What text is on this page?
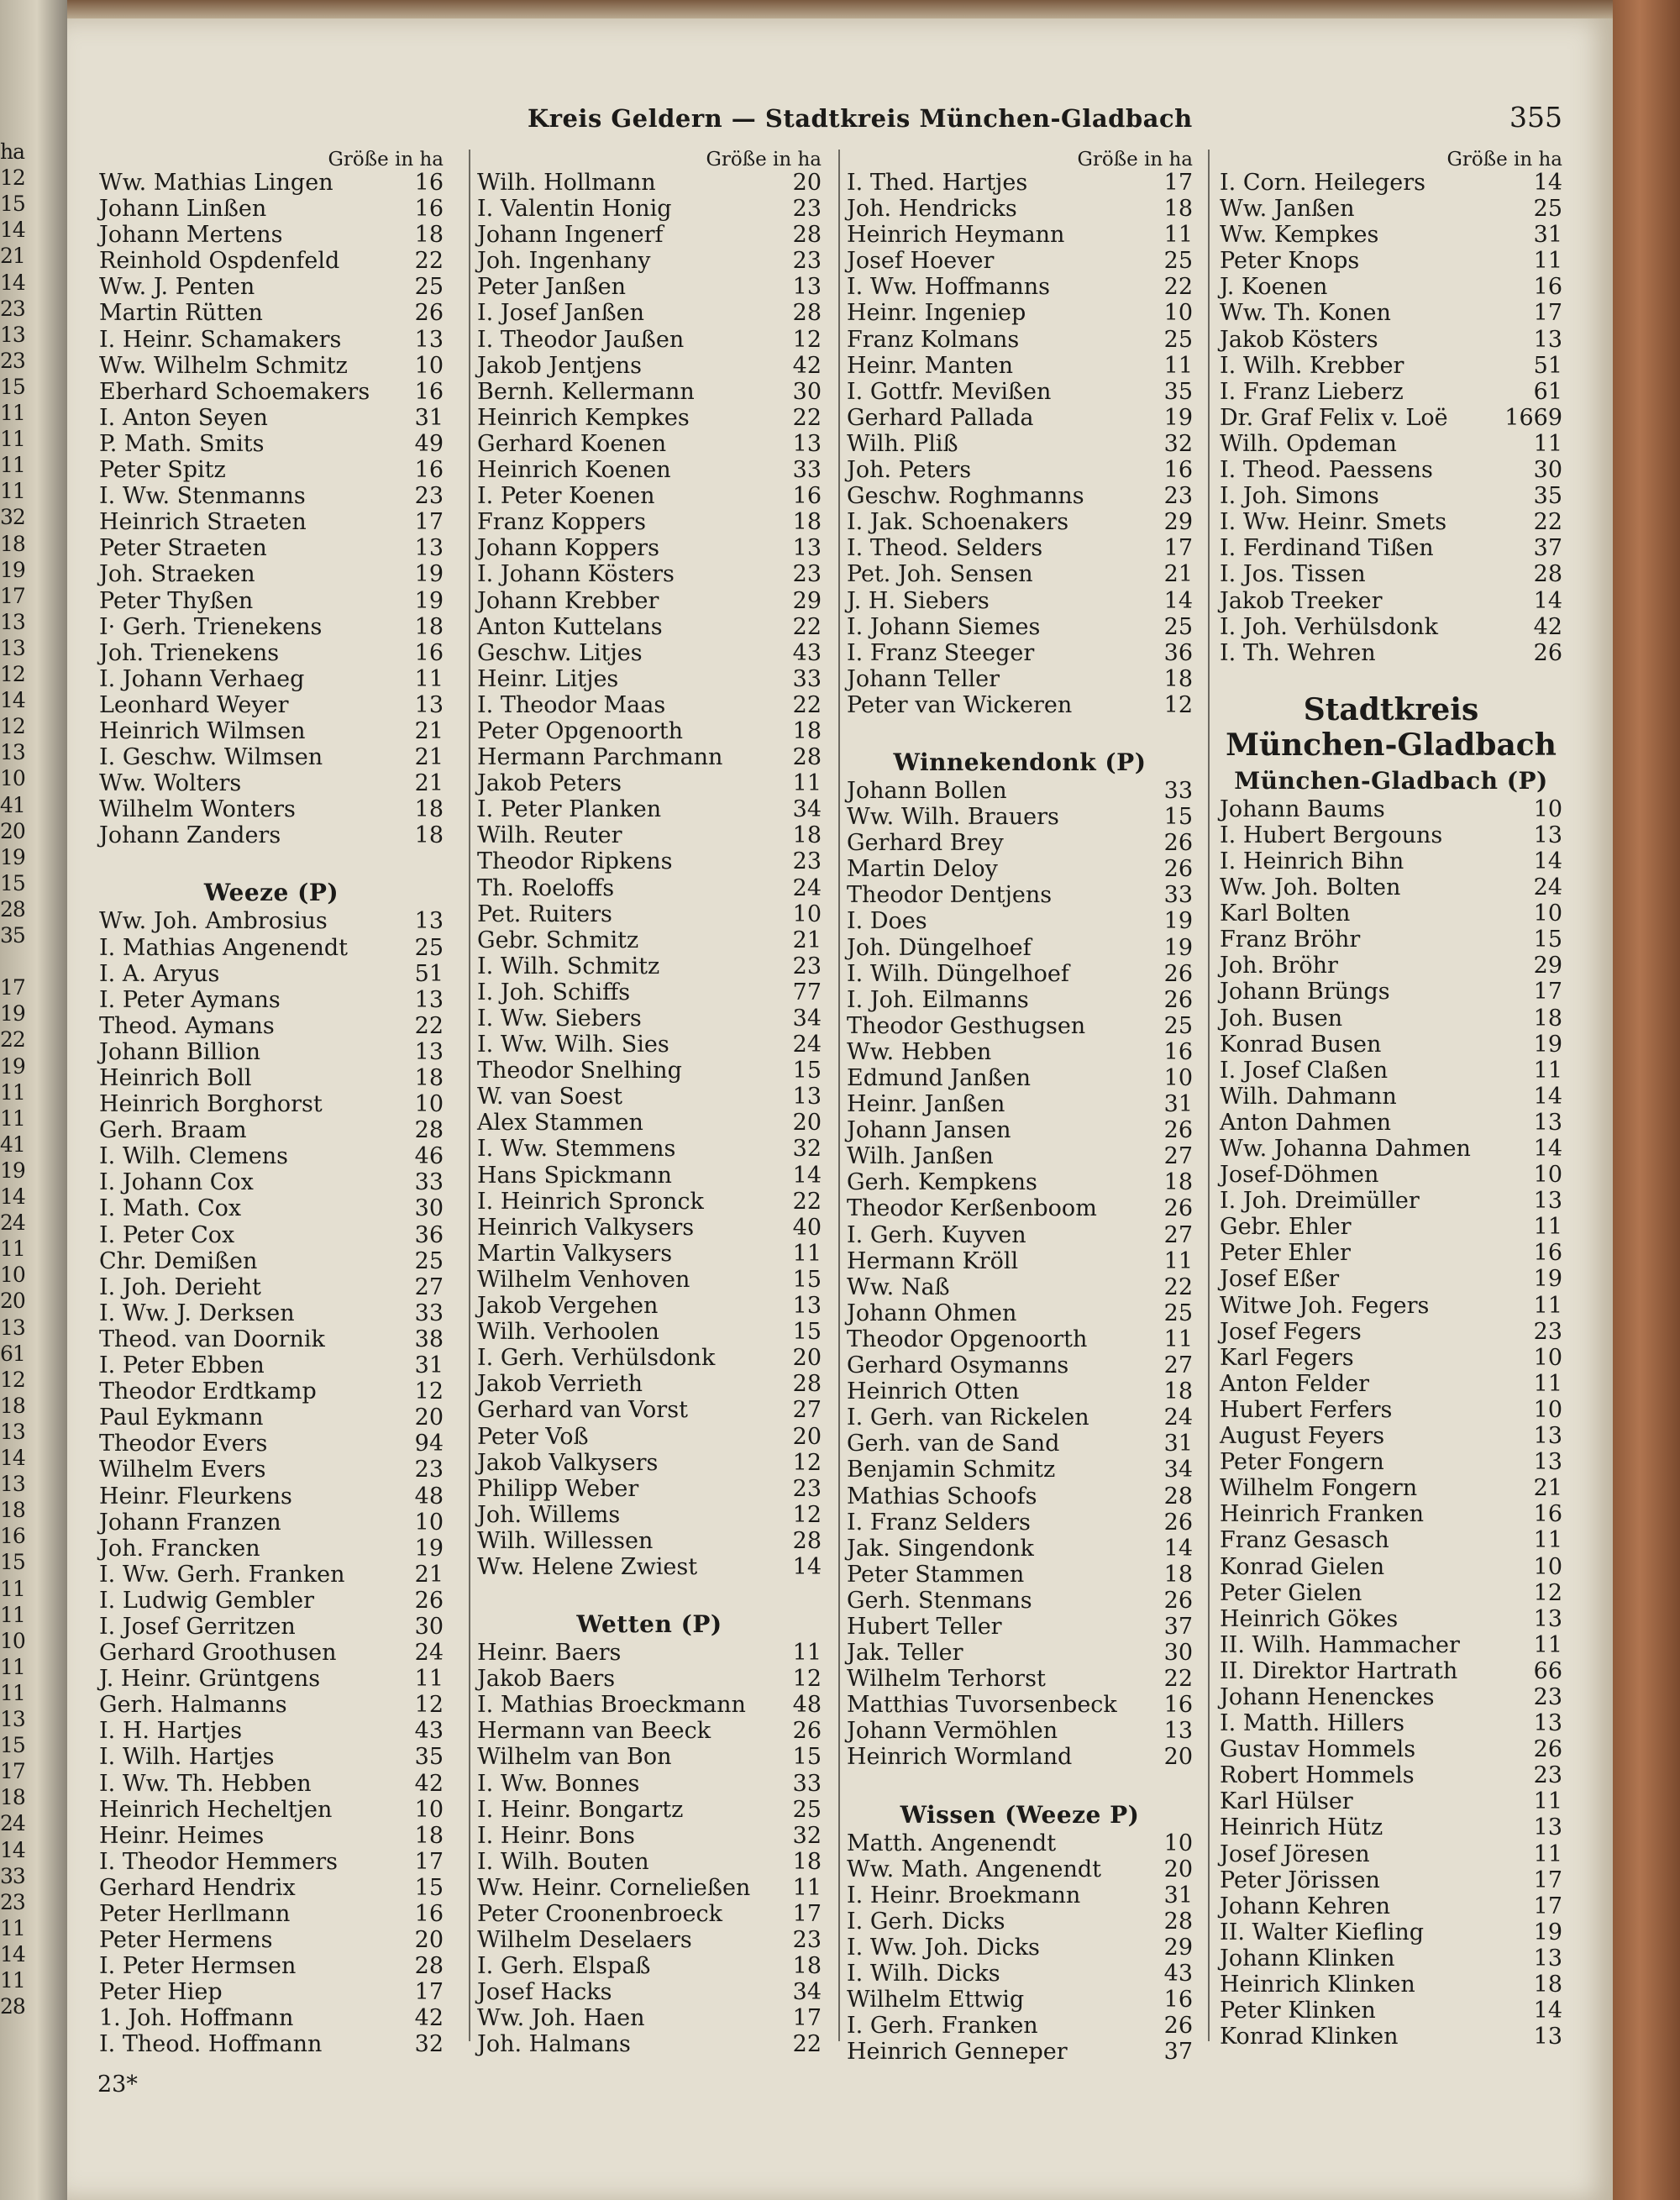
ha
12
15
14
21
14
23
13
23
15
11
11
11
11
32
18
19
17
13
13
12
14
12
13
10
41
20
19
15
28
35
17
19
22
19
11
11
41
19
14
24
11
10
20
13
61
12
18
13
14
13
18
16
15
11
11
10
11
11
13
15
17
18
24
14
33
23
11
14
11
28
Kreis Geldern — Stadtkreis München-Gladbach	355
Größe in ha
Ww. Mathias Lingen	16
Johann Linßen	16
Johann Mertens	18
Reinhold Ospdenfeld	22
Ww. J. Penten	25
Martin Rütten	26
I. Heinr. Schamakers	13
Ww. Wilhelm Schmitz	10
Eberhard Schoemakers	16
I. Anton Seyen	31
P. Math. Smits	49
Peter Spitz	16
I. Ww. Stenmanns	23
Heinrich Straeten	17
Peter Straeten	13
Joh. Straeken	19
Peter Thyßen	19
I· Gerh. Trienekens	18
Joh. Trienekens	16
I. Johann Verhaeg	11
Leonhard Weyer	13
Heinrich Wilmsen	21
I. Geschw. Wilmsen	21
Ww. Wolters	21
Wilhelm Wonters	18
Johann Zanders	18
Weeze (P)
Ww. Joh. Ambrosius	13
I. Mathias Angenendt	25
I. A. Aryus	51
I. Peter Aymans	13
Theod. Aymans	22
Johann Billion	13
Heinrich Boll	18
Heinrich Borghorst	10
Gerh. Braam	28
I. Wilh. Clemens	46
I. Johann Cox	33
I. Math. Cox	30
I. Peter Cox	36
Chr. Demißen	25
I. Joh. Derieht	27
I. Ww. J. Derksen	33
Theod. van Doornik	38
I. Peter Ebben	31
Theodor Erdtkamp	12
Paul Eykmann	20
Theodor Evers	94
Wilhelm Evers	23
Heinr. Fleurkens	48
Johann Franzen	10
Joh. Francken	19
I. Ww. Gerh. Franken	21
I. Ludwig Gembler	26
I. Josef Gerritzen	30
Gerhard Groothusen	24
J. Heinr. Grüntgens	11
Gerh. Halmanns	12
I. H. Hartjes	43
I. Wilh. Hartjes	35
I. Ww. Th. Hebben	42
Heinrich Hecheltjen	10
Heinr. Heimes	18
I. Theodor Hemmers	17
Gerhard Hendrix	15
Peter Herllmann	16
Peter Hermens	20
I. Peter Hermsen	28
Peter Hiep	17
1. Joh. Hoffmann	42
I. Theod. Hoffmann	32
Größe in ha
Wilh. Hollmann	20
I. Valentin Honig	23
Johann Ingenerf	28
Joh. Ingenhany	23
Peter Janßen	13
I. Josef Janßen	28
I. Theodor Jaußen	12
Jakob Jentjens	42
Bernh. Kellermann	30
Heinrich Kempkes	22
Gerhard Koenen	13
Heinrich Koenen	33
I. Peter Koenen	16
Franz Koppers	18
Johann Koppers	13
I. Johann Kösters	23
Johann Krebber	29
Anton Kuttelans	22
Geschw. Litjes	43
Heinr. Litjes	33
I. Theodor Maas	22
Peter Opgenoorth	18
Hermann Parchmann	28
Jakob Peters	11
I. Peter Planken	34
Wilh. Reuter	18
Theodor Ripkens	23
Th. Roeloffs	24
Pet. Ruiters	10
Gebr. Schmitz	21
I. Wilh. Schmitz	23
I. Joh. Schiffs	77
I. Ww. Siebers	34
I. Ww. Wilh. Sies	24
Theodor Snelhing	15
W. van Soest	13
Alex Stammen	20
I. Ww. Stemmens	32
Hans Spickmann	14
I. Heinrich Spronck	22
Heinrich Valkysers	40
Martin Valkysers	11
Wilhelm Venhoven	15
Jakob Vergehen	13
Wilh. Verhoolen	15
I. Gerh. Verhülsdonk	20
Jakob Verrieth	28
Gerhard van Vorst	27
Peter Voß	20
Jakob Valkysers	12
Philipp Weber	23
Joh. Willems	12
Wilh. Willessen	28
Ww. Helene Zwiest	14
Wetten (P)
Heinr. Baers	11
Jakob Baers	12
I. Mathias Broeckmann	48
Hermann van Beeck	26
Wilhelm van Bon	15
I. Ww. Bonnes	33
I. Heinr. Bongartz	25
I. Heinr. Bons	32
I. Wilh. Bouten	18
Ww. Heinr. Corneließen	11
Peter Croonenbroeck	17
Wilhelm Deselaers	23
I. Gerh. Elspaß	18
Josef Hacks	34
Ww. Joh. Haen	17
Joh. Halmans	22
Größe in ha
I. Thed. Hartjes	17
Joh. Hendricks	18
Heinrich Heymann	11
Josef Hoever	25
I. Ww. Hoffmanns	22
Heinr. Ingeniep	10
Franz Kolmans	25
Heinr. Manten	11
I. Gottfr. Mevißen	35
Gerhard Pallada	19
Wilh. Pliß	32
Joh. Peters	16
Geschw. Roghmanns	23
I. Jak. Schoenakers	29
I. Theod. Selders	17
Pet. Joh. Sensen	21
J. H. Siebers	14
I. Johann Siemes	25
I. Franz Steeger	36
Johann Teller	18
Peter van Wickeren	12
Winnekendonk (P)
Johann Bollen	33
Ww. Wilh. Brauers	15
Gerhard Brey	26
Martin Deloy	26
Theodor Dentjens	33
I. Does	19
Joh. Düngelhoef	19
I. Wilh. Düngelhoef	26
I. Joh. Eilmanns	26
Theodor Gesthugsen	25
Ww. Hebben	16
Edmund Janßen	10
Heinr. Janßen	31
Johann Jansen	26
Wilh. Janßen	27
Gerh. Kempkens	18
Theodor Kerßenboom	26
I. Gerh. Kuyven	27
Hermann Kröll	11
Ww. Naß	22
Johann Ohmen	25
Theodor Opgenoorth	11
Gerhard Osymanns	27
Heinrich Otten	18
I. Gerh. van Rickelen	24
Gerh. van de Sand	31
Benjamin Schmitz	34
Mathias Schoofs	28
I. Franz Selders	26
Jak. Singendonk	14
Peter Stammen	18
Gerh. Stenmans	26
Hubert Teller	37
Jak. Teller	30
Wilhelm Terhorst	22
Matthias Tuvorsenbeck	16
Johann Vermöhlen	13
Heinrich Wormland	20
Wissen (Weeze P)
Matth. Angenendt	10
Ww. Math. Angenendt	20
I. Heinr. Broekmann	31
I. Gerh. Dicks	28
I. Ww. Joh. Dicks	29
I. Wilh. Dicks	43
Wilhelm Ettwig	16
I. Gerh. Franken	26
Heinrich Genneper	37
Größe in ha
I. Corn. Heilegers	14
Ww. Janßen	25
Ww. Kempkes	31
Peter Knops	11
J. Koenen	16
Ww. Th. Konen	17
Jakob Kösters	13
I. Wilh. Krebber	51
I. Franz Lieberz	61
Dr. Graf Felix v. Loë	1669
Wilh. Opdeman	11
I. Theod. Paessens	30
I. Joh. Simons	35
I. Ww. Heinr. Smets	22
I. Ferdinand Tißen	37
I. Jos. Tissen	28
Jakob Treeker	14
I. Joh. Verhülsdonk	42
I. Th. Wehren	26
Stadtkreis
München-Gladbach
München-Gladbach (P)
Johann Baums	10
I. Hubert Bergouns	13
I. Heinrich Bihn	14
Ww. Joh. Bolten	24
Karl Bolten	10
Franz Bröhr	15
Joh. Bröhr	29
Johann Brüngs	17
Joh. Busen	18
Konrad Busen	19
I. Josef Claßen	11
Wilh. Dahmann	14
Anton Dahmen	13
Ww. Johanna Dahmen	14
Josef-Döhmen	10
I. Joh. Dreimüller	13
Gebr. Ehler	11
Peter Ehler	16
Josef Eßer	19
Witwe Joh. Fegers	11
Josef Fegers	23
Karl Fegers	10
Anton Felder	11
Hubert Ferfers	10
August Feyers	13
Peter Fongern	13
Wilhelm Fongern	21
Heinrich Franken	16
Franz Gesasch	11
Konrad Gielen	10
Peter Gielen	12
Heinrich Gökes	13
II. Wilh. Hammacher	11
II. Direktor Hartrath	66
Johann Henenckes	23
I. Matth. Hillers	13
Gustav Hommels	26
Robert Hommels	23
Karl Hülser	11
Heinrich Hütz	13
Josef Jöresen	11
Peter Jörissen	17
Johann Kehren	17
II. Walter Kiefling	19
Johann Klinken	13
Heinrich Klinken	18
Peter Klinken	14
Konrad Klinken	13
23*
